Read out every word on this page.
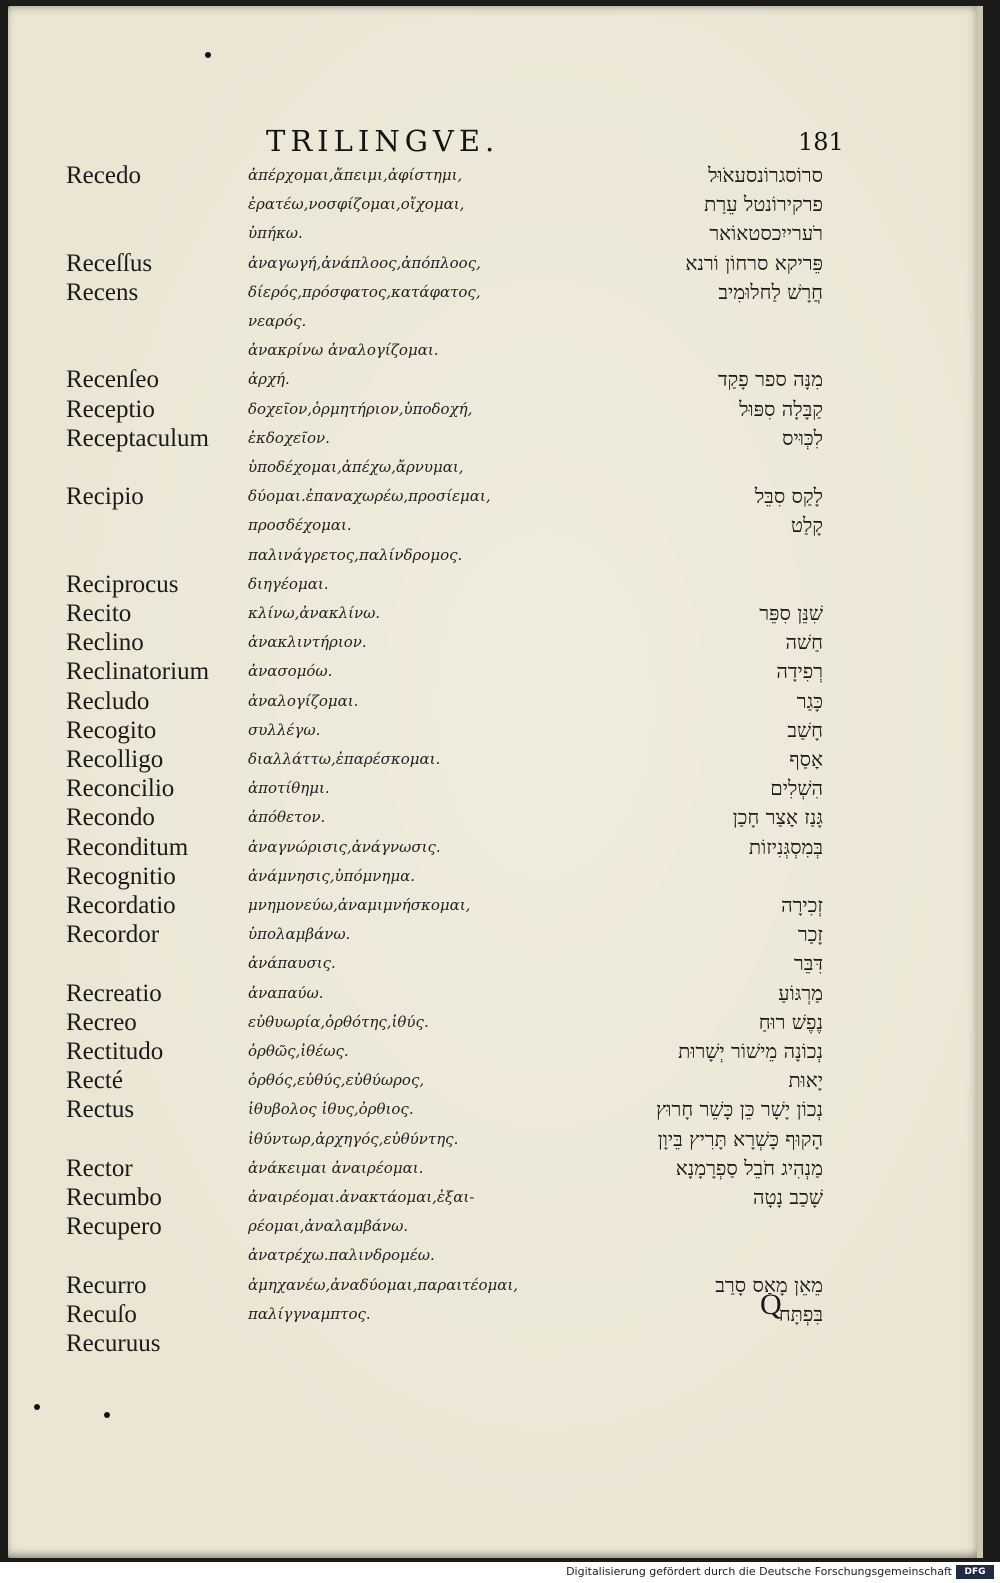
TRILINGVE.	181
Recedo	ἀπέρχομαι,ἄπειμι,ἀφίστημι,	סרוֹסגרוֹנסעאֹוּל
ἐρατέω,νοσφίζομαι,οἴχομαι,	פרקירוֹנטל עֵרַת
ὑπήκω.	רֹערייִכסטאוֹאר
Receſſus	ἀναγωγή,ἀνάπλοος,ἀπόπλοος,	פֵּריקא סרחוֹן וֹרנא
Recens	δίερός,πρόσφατος,κατάφατος,	חֲרָשׁ לַחלוּמִיב
νεαρός.
ἀνακρίνω ἀναλογίζομαι.
Recenſeo	ἀρχή.	מִנָּה ספר פָקַד
Receptio	δοχεῖον,ὁρμητήριον,ὑποδοχή,	קַבָּלָה סִפּוּל
Receptaculum	ἐκδοχεῖον.	לִכְּוּיס
ὑποδέχομαι,ἀπέχω,ἄρνυμαι,
Recipio	δύομαι.ἐπαναχωρέω,προσίεμαι,	לָקַס סִבֵּל
προσδέχομαι.	קָלַט
παλινάγρετος,παλίνδρομος.
Reciprocus	διηγέομαι.
Recito	κλίνω,ἀνακλίνω.	שִׁנֵּן סִפֵּר
Reclino	ἀνακλιντήριον.	חַשׁה
Reclinatorium	ἀνασομόω.	רְפִידָה
Recludo	ἀναλογίζομαι.	כָּגַר
Recogito	συλλέγω.	חָשַׁב
Recolligo	διαλλάττω,ἐπαρέσκομαι.	אָסַף
Reconcilio	ἀποτίθημι.	הִשְׁלִים
Recondo	ἀπόθετον.	גָּנַז אָצַר חָכַן
Reconditum	ἀναγνώρισις,ἀνάγνωσις.	בְּמִסְגְּנִיזוֹת
Recognitio	ἀνάμνησις,ὑπόμνημα.
Recordatio	μνημονεύω,ἀναμιμνήσκομαι,	זְכִירָה
Recordor	ὑπολαμβάνω.	זָכַר
ἀνάπαυσις.	דִּבֵּר
Recreatio	ἀναπαύω.	מַרְגּוֹעַ
Recreo	εὐθυωρία,ὀρθότης,ἰθύς.	נֶפֶשׁ רוּחַ
Rectitudo	ὀρθῶς,ἰθέως.	נְכוֹנָה מֵישׁוֹר יְשָׁרוּת
Recté	ὀρθός,εὐθύς,εὐθύωρος,	יָאוּת
Rectus	ἰθυβολος ἰθυς,ὀρθιος.	נְכוֹן יָשָׁר כֵּן כָּשֵׁר חָרוּץ
ἰθύντωρ,ἀρχηγός,εὐθύντης.	הָקוּף כָּשְׁרָא תָּרִיץ בֵּיוָן
Rector	ἀνάκειμαι ἀναιρέομαι.	מַנְהִיג חֹבֵל סַפְרָמָנָא
Recumbo	ἀναιρέομαι.ἀνακτάομαι,ἐξαι-	שָׁכַב נָטָה
Recupero	ρέομαι,ἀναλαμβάνω.
ἀνατρέχω.παλινδρομέω.
Recurro	ἀμηχανέω,ἀναδύομαι,παραιτέομαι,	מֵאֵן מָאַס סָרַב
Recuſo	παλίγγναμπτος.	בִּפְתָּח
Recuruus
Q
Digitalisierung gefördert durch die Deutsche Forschungsgemeinschaft	DFG
